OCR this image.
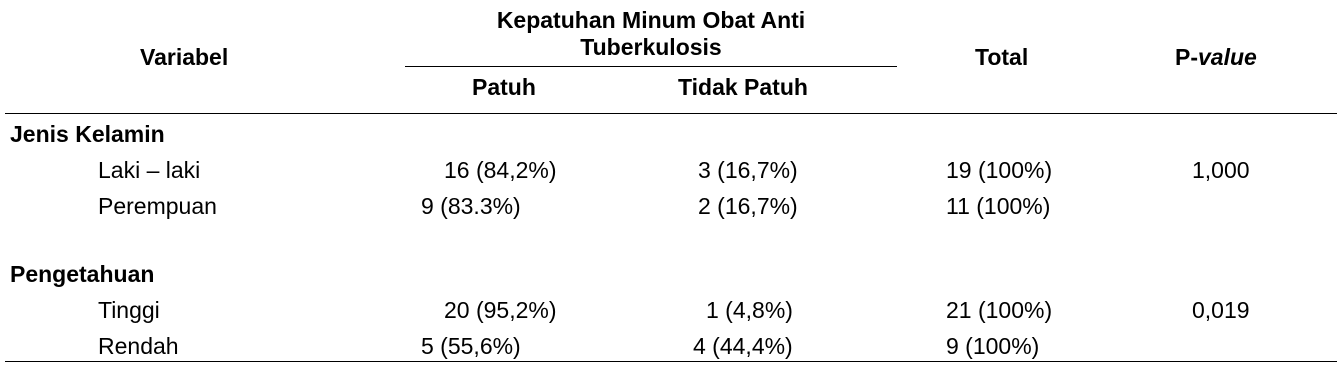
Variabel
Kepatuhan Minum Obat Anti
Tuberkulosis
Patuh	Tidak Patuh
Total	P-value
Jenis Kelamin
Laki – laki	16 (84,2%)	3 (16,7%)	19 (100%)	1,000
Perempuan	9 (83.3%)	2 (16,7%)	11 (100%)
Pengetahuan
Tinggi	20 (95,2%)	1 (4,8%)	21 (100%)	0,019
Rendah	5 (55,6%)	4 (44,4%)	9 (100%)
